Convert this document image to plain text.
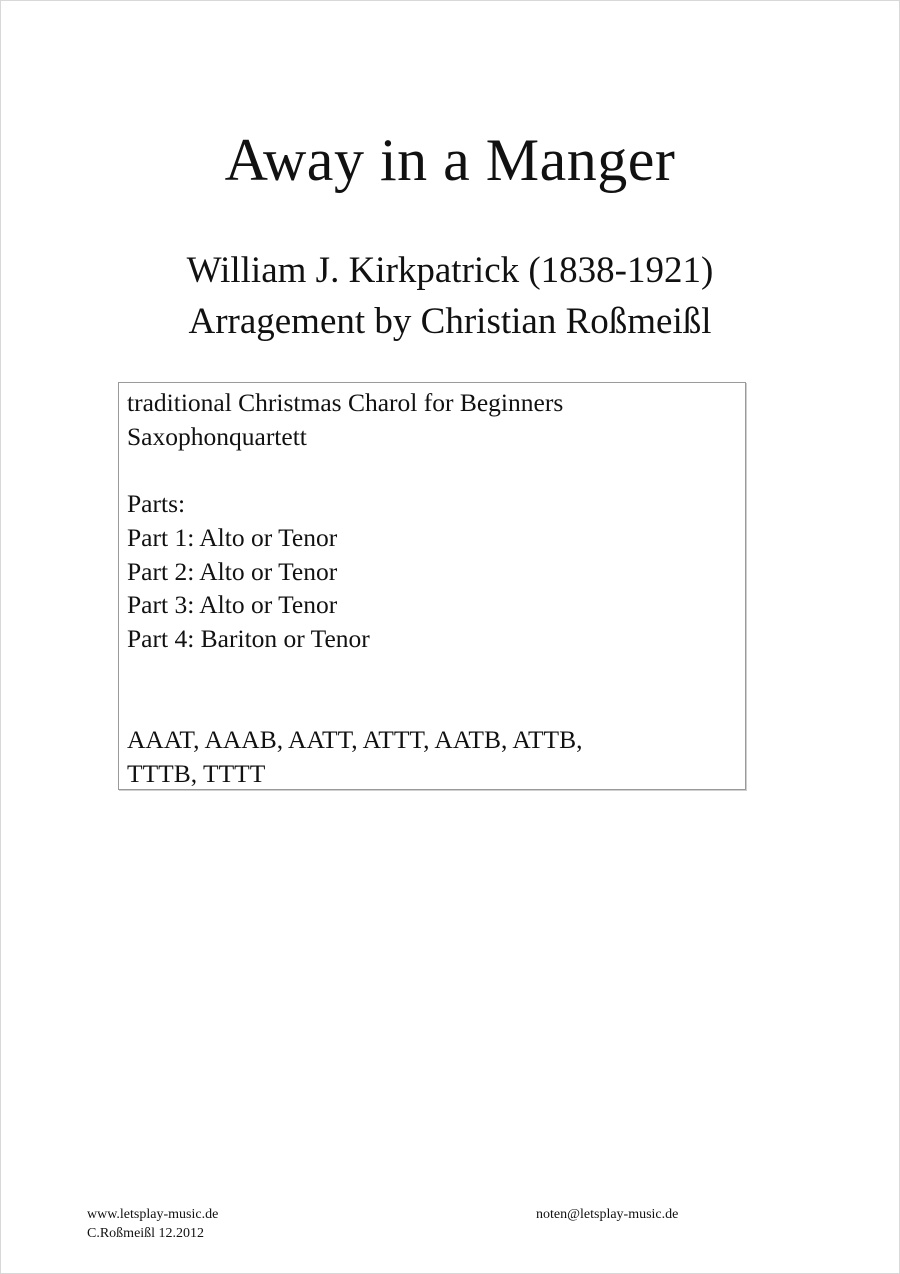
Away in a Manger
William J. Kirkpatrick (1838-1921)
Arragement by Christian Roßmeißl
traditional Christmas Charol for Beginners
Saxophonquartett
Parts:
Part 1: Alto or Tenor
Part 2: Alto or Tenor
Part 3: Alto or Tenor
Part 4: Bariton or Tenor
AAAT, AAAB, AATT, ATTT, AATB, ATTB,
TTTB, TTTT
www.letsplay-music.de
C.Roßmeißl 12.2012
noten@letsplay-music.de
